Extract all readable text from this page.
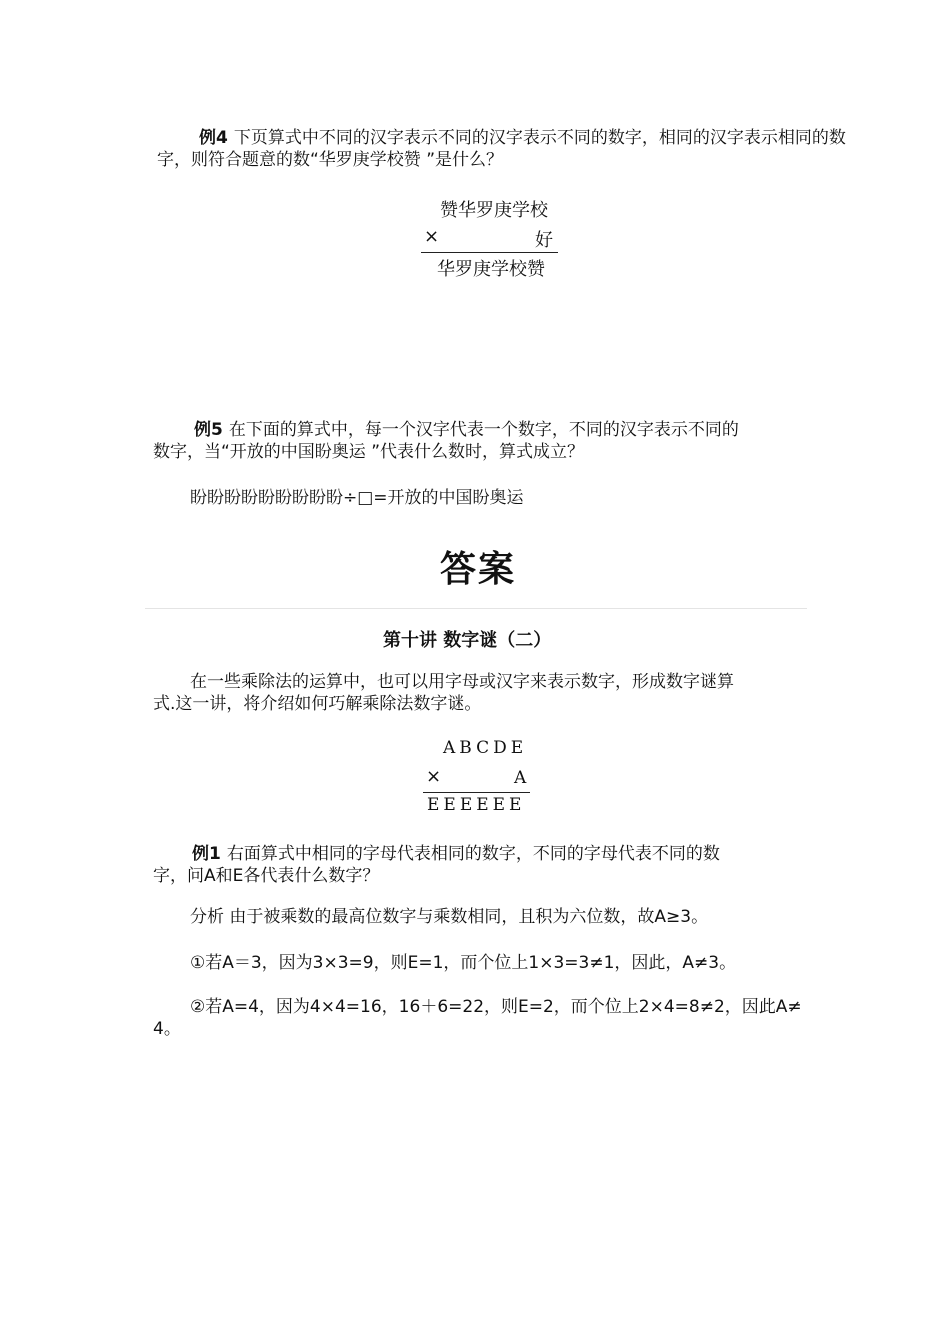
例4 下页算式中不同的汉字表示不同的汉字表示不同的数字，相同的汉字表示相同的数
字，则符合题意的数“华罗庚学校赞 ”是什么？
赞华罗庚学校
×	好
华罗庚学校赞
例5 在下面的算式中，每一个汉字代表一个数字，不同的汉字表示不同的
数字，当“开放的中国盼奥运 ”代表什么数时，算式成立？
盼盼盼盼盼盼盼盼盼÷□=开放的中国盼奥运
答案
第十讲 数字谜（二）
在一些乘除法的运算中，也可以用字母或汉字来表示数字，形成数字谜算
式.这一讲，将介绍如何巧解乘除法数字谜。
ABCDE
×	A
EEEEEE
例1 右面算式中相同的字母代表相同的数字，不同的字母代表不同的数
字，问A和E各代表什么数字？
分析 由于被乘数的最高位数字与乘数相同，且积为六位数，故A≥3。
①若A＝3，因为3×3=9，则E=1，而个位上1×3=3≠1，因此，A≠3。
②若A=4，因为4×4=16，16＋6=22，则E=2，而个位上2×4=8≠2，因此A≠
4。
